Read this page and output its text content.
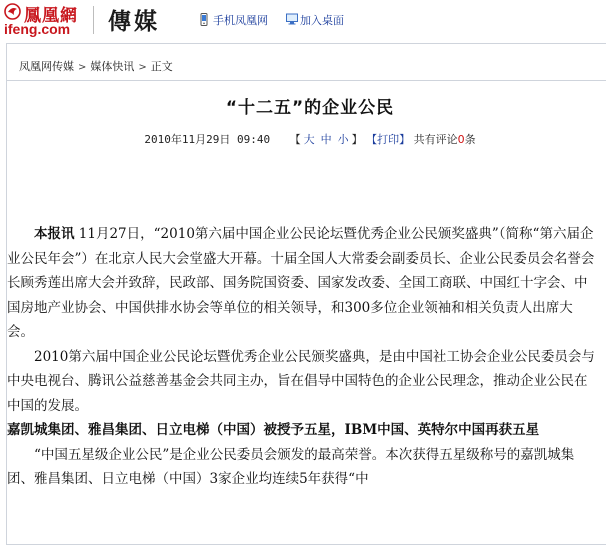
鳳凰網
ifeng.com 傳媒	手机凤凰网	加入桌面
凤凰网传媒 > 媒体快讯 > 正文
“十二五”的企业公民
2010年11月29日 09:40 【 大 中 小 】 【打印】 共有评论0条

本报讯 11月27日，“2010第六届中国企业公民论坛暨优秀企业公民颁奖盛典”（简称“第六届企业公民年会”）在北京人民大会堂盛大开幕。十届全国人大常委会副委员长、企业公民委员会名誉会长顾秀莲出席大会并致辞，民政部、国务院国资委、国家发改委、全国工商联、中国红十字会、中国房地产业协会、中国供排水协会等单位的相关领导，和300多位企业领袖和相关负责人出席大会。

2010第六届中国企业公民论坛暨优秀企业公民颁奖盛典，是由中国社工协会企业公民委员会与中央电视台、腾讯公益慈善基金会共同主办，旨在倡导中国特色的企业公民理念，推动企业公民在中国的发展。

嘉凯城集团、雅昌集团、日立电梯（中国）被授予五星，IBM中国、英特尔中国再获五星

“中国五星级企业公民”是企业公民委员会颁发的最高荣誉。本次获得五星级称号的嘉凯城集团、雅昌集团、日立电梯（中国）3家企业均连续5年获得“中
